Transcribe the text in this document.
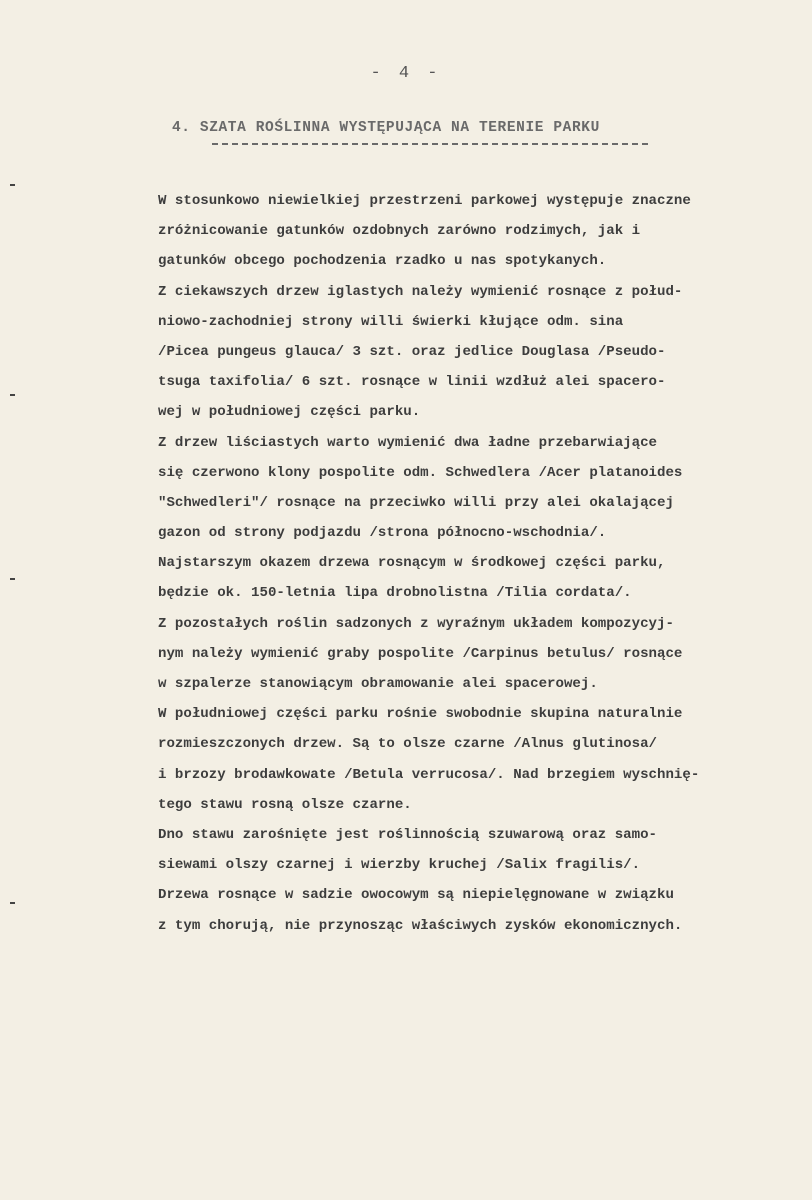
- 4 -
4. SZATA ROŚLINNA WYSTĘPUJĄCA NA TERENIE PARKU
W stosunkowo niewielkiej przestrzeni parkowej występuje znaczne
zróżnicowanie gatunków ozdobnych zarówno rodzimych, jak i
gatunków obcego pochodzenia rzadko u nas spotykanych.
Z ciekawszych drzew iglastych należy wymienić rosnące z połud-
niowo-zachodniej strony willi świerki kłujące odm. sina
/Picea pungeus glauca/ 3 szt. oraz jedlice Douglasa /Pseudo-
tsuga taxifolia/ 6 szt. rosnące w linii wzdłuż alei spacero-
wej w południowej części parku.
Z drzew liściastych warto wymienić dwa ładne przebarwiające
się czerwono klony pospolite odm. Schwedlera /Acer platanoides
"Schwedleri"/ rosnące na przeciwko willi przy alei okalającej
gazon od strony podjazdu /strona północno-wschodnia/.
Najstarszym okazem drzewa rosnącym w środkowej części parku,
będzie ok. 150-letnia lipa drobnolistna /Tilia cordata/.
Z pozostałych roślin sadzonych z wyraźnym układem kompozycyj-
nym należy wymienić graby pospolite /Carpinus betulus/ rosnące
w szpalerze stanowiącym obramowanie alei spacerowej.
W południowej części parku rośnie swobodnie skupina naturalnie
rozmieszczonych drzew. Są to olsze czarne /Alnus glutinosa/
i brzozy brodawkowate /Betula verrucosa/. Nad brzegiem wyschnię-
tego stawu rosną olsze czarne.
Dno stawu zarośnięte jest roślinnością szuwarową oraz samo-
siewami olszy czarnej i wierzby kruchej /Salix fragilis/.
Drzewa rosnące w sadzie owocowym są niepielęgnowane w związku
z tym chorują, nie przynosząc właściwych zysków ekonomicznych.
